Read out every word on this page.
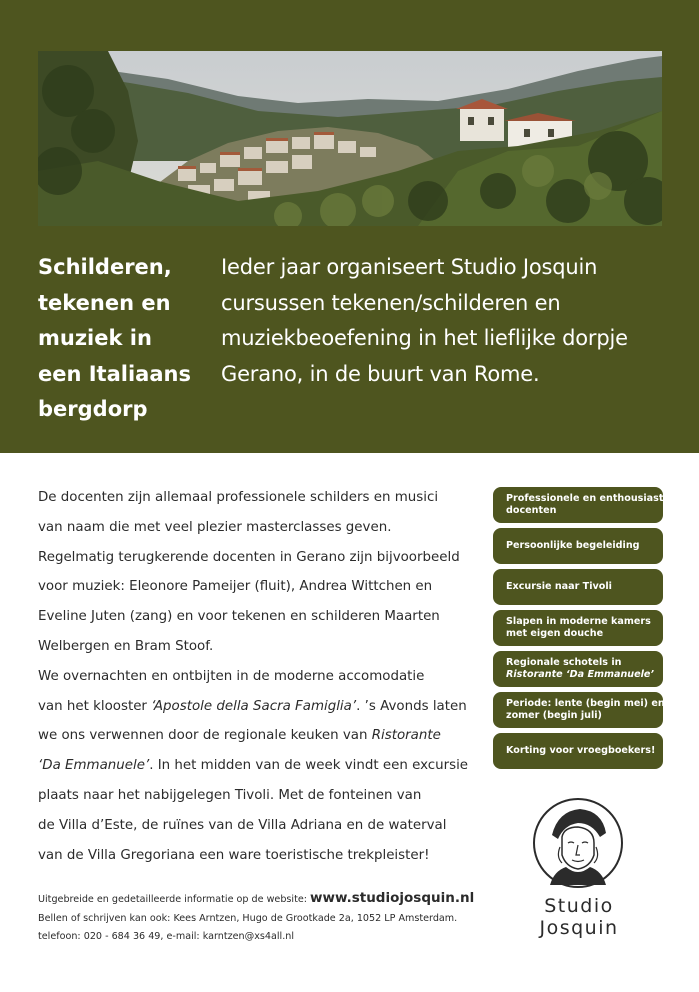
Schilderen,
tekenen en
muziek in
een Italiaans
bergdorp
Ieder jaar organiseert Studio Josquin
cursussen tekenen/schilderen en
muziekbeoefening in het lieflijke dorpje
Gerano, in de buurt van Rome.
De docenten zijn allemaal professionele schilders en musici
van naam die met veel plezier masterclasses geven.
Regelmatig terugkerende docenten in Gerano zijn bijvoorbeeld
voor muziek: Eleonore Pameijer (fluit), Andrea Wittchen en
Eveline Juten (zang) en voor tekenen en schilderen Maarten
Welbergen en Bram Stoof.
We overnachten en ontbijten in de moderne accomodatie
van het klooster ‘Apostole della Sacra Famiglia’. ’s Avonds laten
we ons verwennen door de regionale keuken van Ristorante
‘Da Emmanuele’. In het midden van de week vindt een excursie
plaats naar het nabijgelegen Tivoli. Met de fonteinen van
de Villa d’Este, de ruïnes van de Villa Adriana en de waterval
van de Villa Gregoriana een ware toeristische trekpleister!
Professionele en enthousiaste
docenten
Persoonlijke begeleiding
Excursie naar Tivoli
Slapen in moderne kamers
met eigen douche
Regionale schotels in
Ristorante ‘Da Emmanuele’
Periode: lente (begin mei) en
zomer (begin juli)
Korting voor vroegboekers!
Studio
Josquin
Uitgebreide en gedetailleerde informatie op de website: www.studiojosquin.nl
Bellen of schrijven kan ook: Kees Arntzen, Hugo de Grootkade 2a, 1052 LP Amsterdam.
telefoon: 020 - 684 36 49, e-mail: karntzen@xs4all.nl
